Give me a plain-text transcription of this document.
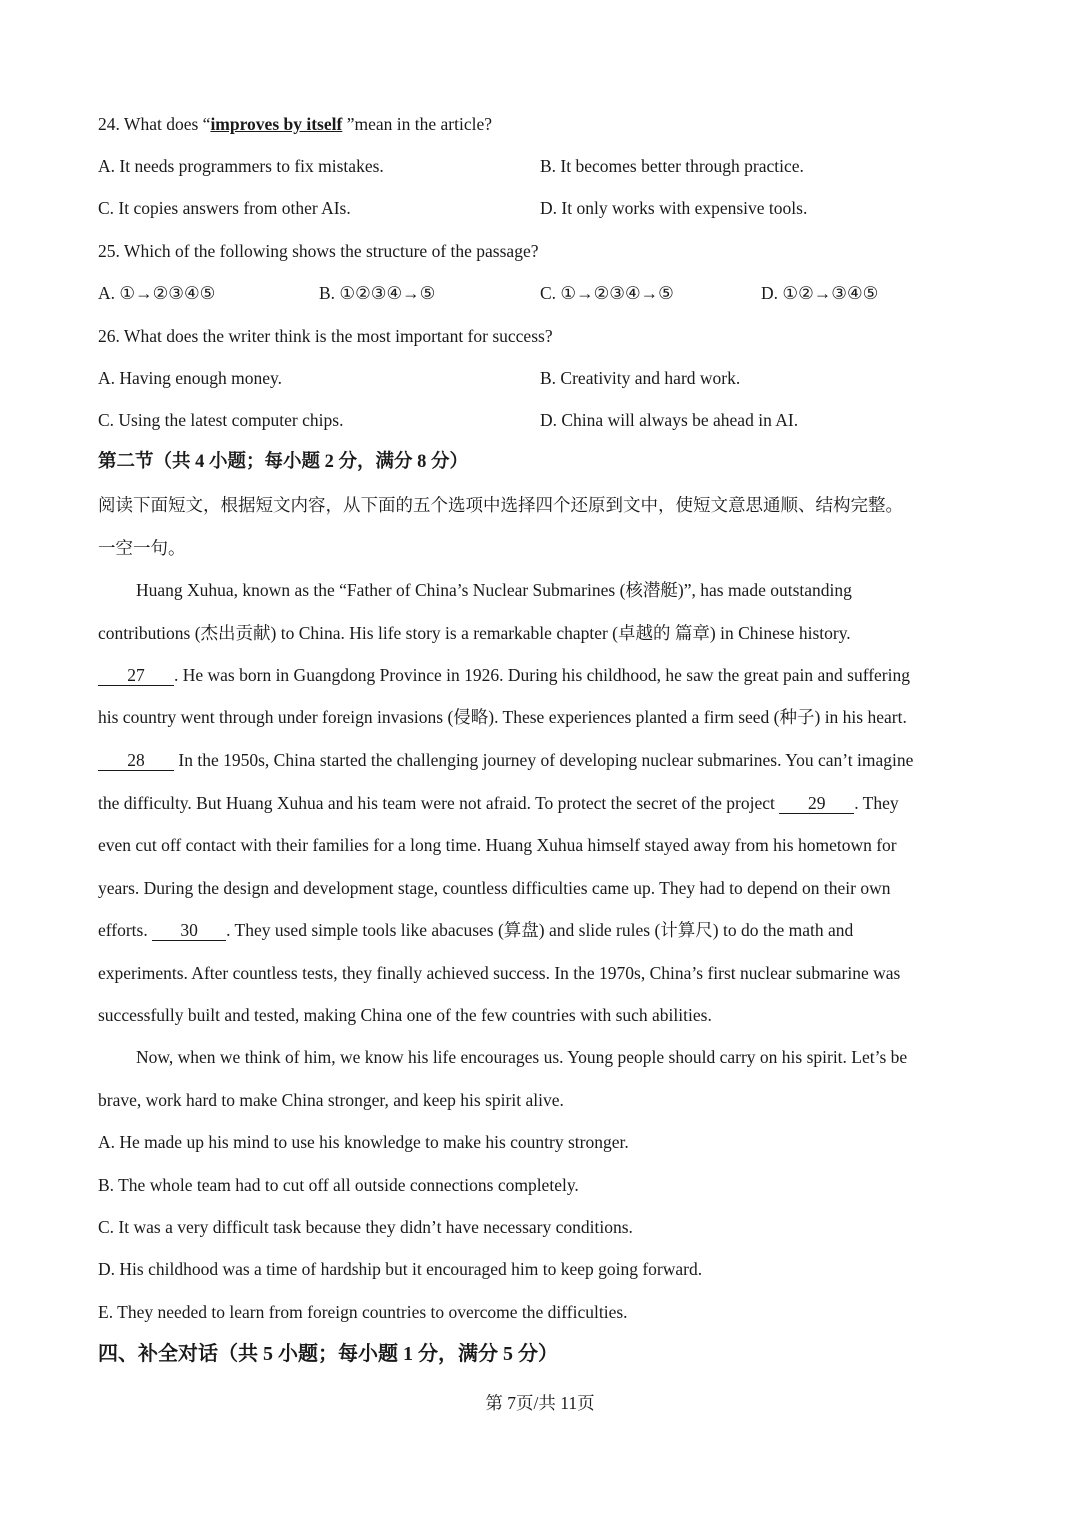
24. What does “improves by itself ”mean in the article?
A. It needs programmers to fix mistakes.	B. It becomes better through practice.
C. It copies answers from other AIs.	D. It only works with expensive tools.
25. Which of the following shows the structure of the passage?
A. ①→②③④⑤	B. ①②③④→⑤	C. ①→②③④→⑤	D. ①②→③④⑤
26. What does the writer think is the most important for success?
A. Having enough money.	B. Creativity and hard work.
C. Using the latest computer chips.	D. China will always be ahead in AI.
第二节（共 4 小题；每小题 2 分，满分 8 分）
阅读下面短文，根据短文内容，从下面的五个选项中选择四个还原到文中，使短文意思通顺、结构完整。
一空一句。
Huang Xuhua, known as the “Father of China’s Nuclear Submarines (核潜艇)”, has made outstanding
contributions (杰出贡献) to China. His life story is a remarkable chapter (卓越的 篇章) in Chinese history.
27 . He was born in Guangdong Province in 1926. During his childhood, he saw the great pain and suffering
his country went through under foreign invasions (侵略). These experiences planted a firm seed (种子) in his heart.
28 In the 1950s, China started the challenging journey of developing nuclear submarines. You can’t imagine
the difficulty. But Huang Xuhua and his team were not afraid. To protect the secret of the project 29 . They
even cut off contact with their families for a long time. Huang Xuhua himself stayed away from his hometown for
years. During the design and development stage, countless difficulties came up. They had to depend on their own
efforts. 30 . They used simple tools like abacuses (算盘) and slide rules (计算尺) to do the math and
experiments. After countless tests, they finally achieved success. In the 1970s, China’s first nuclear submarine was
successfully built and tested, making China one of the few countries with such abilities.
Now, when we think of him, we know his life encourages us. Young people should carry on his spirit. Let’s be
brave, work hard to make China stronger, and keep his spirit alive.
A. He made up his mind to use his knowledge to make his country stronger.
B. The whole team had to cut off all outside connections completely.
C. It was a very difficult task because they didn’t have necessary conditions.
D. His childhood was a time of hardship but it encouraged him to keep going forward.
E. They needed to learn from foreign countries to overcome the difficulties.
四、补全对话（共 5 小题；每小题 1 分，满分 5 分）
第 7页/共 11页
